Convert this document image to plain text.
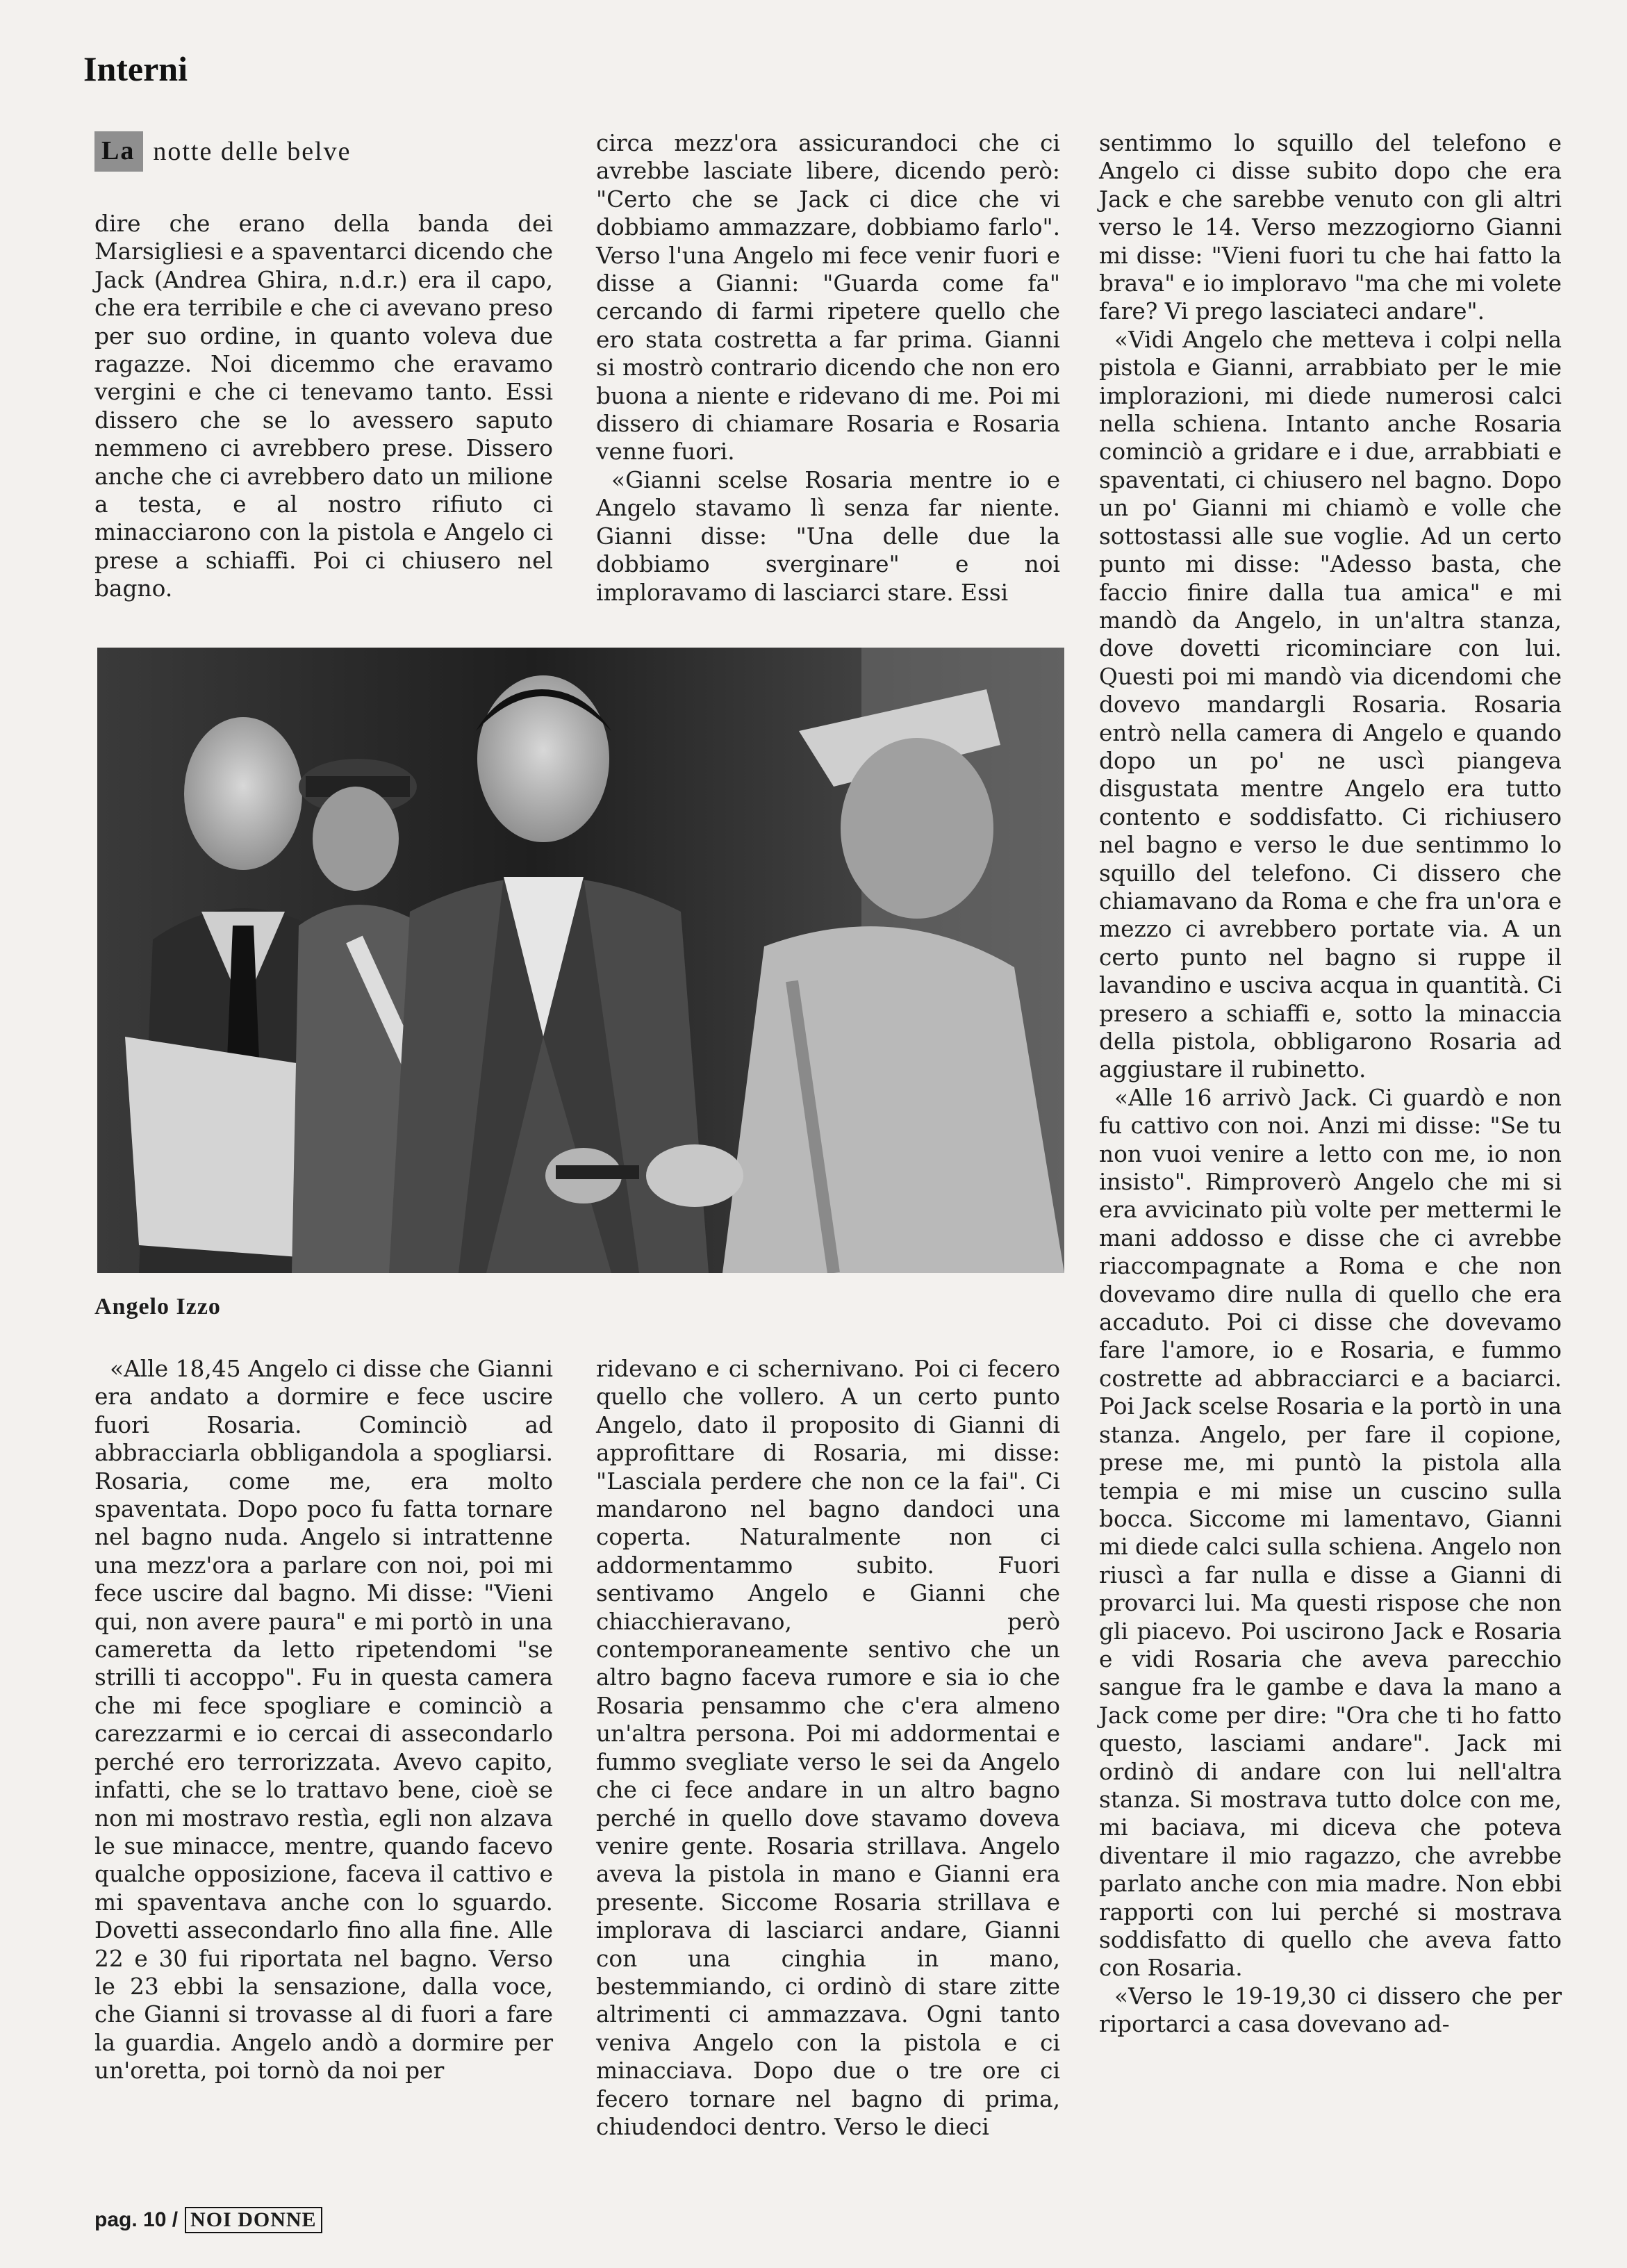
Interni
La notte delle belve

dire che erano della banda dei Marsigliesi e a spaventarci dicendo che Jack (Andrea Ghira, n.d.r.) era il capo, che era terribile e che ci avevano preso per suo ordine, in quanto voleva due ragazze. Noi dicemmo che eravamo vergini e che ci tenevamo tanto. Essi dissero che se lo avessero saputo nemmeno ci avrebbero prese. Dissero anche che ci avrebbero dato un milione a testa, e al nostro rifiuto ci minacciarono con la pistola e Angelo ci prese a schiaffi. Poi ci chiusero nel bagno.

circa mezz'ora assicurandoci che ci avrebbe lasciate libere, dicendo però: "Certo che se Jack ci dice che vi dobbiamo ammazzare, dobbiamo farlo". Verso l'una Angelo mi fece venir fuori e disse a Gianni: "Guarda come fa" cercando di farmi ripetere quello che ero stata costretta a far prima. Gianni si mostrò contrario dicendo che non ero buona a niente e ridevano di me. Poi mi dissero di chiamare Rosaria e Rosaria venne fuori.

«Gianni scelse Rosaria mentre io e Angelo stavamo lì senza far niente. Gianni disse: "Una delle due la dobbiamo sverginare" e noi imploravamo di lasciarci stare. Essi

sentimmo lo squillo del telefono e Angelo ci disse subito dopo che era Jack e che sarebbe venuto con gli altri verso le 14. Verso mezzogiorno Gianni mi disse: "Vieni fuori tu che hai fatto la brava" e io imploravo "ma che mi volete fare? Vi prego lasciateci andare".

«Vidi Angelo che metteva i colpi nella pistola e Gianni, arrabbiato per le mie implorazioni, mi diede numerosi calci nella schiena. Intanto anche Rosaria cominciò a gridare e i due, arrabbiati e spaventati, ci chiusero nel bagno. Dopo un po' Gianni mi chiamò e volle che sottostassi alle sue voglie. Ad un certo punto mi disse: "Adesso basta, che faccio finire dalla tua amica" e mi mandò da Angelo, in un'altra stanza, dove dovetti ricominciare con lui. Questi poi mi mandò via dicendomi che dovevo mandargli Rosaria. Rosaria entrò nella camera di Angelo e quando dopo un po' ne uscì piangeva disgustata mentre Angelo era tutto contento e soddisfatto. Ci richiusero nel bagno e verso le due sentimmo lo squillo del telefono. Ci dissero che chiamavano da Roma e che fra un'ora e mezzo ci avrebbero portate via. A un certo punto nel bagno si ruppe il lavandino e usciva acqua in quantità. Ci presero a schiaffi e, sotto la minaccia della pistola, obbligarono Rosaria ad aggiustare il rubinetto.

«Alle 16 arrivò Jack. Ci guardò e non fu cattivo con noi. Anzi mi disse: "Se tu non vuoi venire a letto con me, io non insisto". Rimproverò Angelo che mi si era avvicinato più volte per mettermi le mani addosso e disse che ci avrebbe riaccompagnate a Roma e che non dovevamo dire nulla di quello che era accaduto. Poi ci disse che dovevamo fare l'amore, io e Rosaria, e fummo costrette ad abbracciarci e a baciarci. Poi Jack scelse Rosaria e la portò in una stanza. Angelo, per fare il copione, prese me, mi puntò la pistola alla tempia e mi mise un cuscino sulla bocca. Siccome mi lamentavo, Gianni mi diede calci sulla schiena. Angelo non riuscì a far nulla e disse a Gianni di provarci lui. Ma questi rispose che non gli piacevo. Poi uscirono Jack e Rosaria e vidi Rosaria che aveva parecchio sangue fra le gambe e dava la mano a Jack come per dire: "Ora che ti ho fatto questo, lasciami andare". Jack mi ordinò di andare con lui nell'altra stanza. Si mostrava tutto dolce con me, mi baciava, mi diceva che poteva diventare il mio ragazzo, che avrebbe parlato anche con mia madre. Non ebbi rapporti con lui perché si mostrava soddisfatto di quello che aveva fatto con Rosaria.

«Verso le 19-19,30 ci dissero che per riportarci a casa dovevano ad-

Angelo Izzo

«Alle 18,45 Angelo ci disse che Gianni era andato a dormire e fece uscire fuori Rosaria. Cominciò ad abbracciarla obbligandola a spogliarsi. Rosaria, come me, era molto spaventata. Dopo poco fu fatta tornare nel bagno nuda. Angelo si intrattenne una mezz'ora a parlare con noi, poi mi fece uscire dal bagno. Mi disse: "Vieni qui, non avere paura" e mi portò in una cameretta da letto ripetendomi "se strilli ti accoppo". Fu in questa camera che mi fece spogliare e cominciò a carezzarmi e io cercai di assecondarlo perché ero terrorizzata. Avevo capito, infatti, che se lo trattavo bene, cioè se non mi mostravo restìa, egli non alzava le sue minacce, mentre, quando facevo qualche opposizione, faceva il cattivo e mi spaventava anche con lo sguardo. Dovetti assecondarlo fino alla fine. Alle 22 e 30 fui riportata nel bagno. Verso le 23 ebbi la sensazione, dalla voce, che Gianni si trovasse al di fuori a fare la guardia. Angelo andò a dormire per un'oretta, poi tornò da noi per

ridevano e ci schernivano. Poi ci fecero quello che vollero. A un certo punto Angelo, dato il proposito di Gianni di approfittare di Rosaria, mi disse: "Lasciala perdere che non ce la fai". Ci mandarono nel bagno dandoci una coperta. Naturalmente non ci addormentammo subito. Fuori sentivamo Angelo e Gianni che chiacchieravano, però contemporaneamente sentivo che un altro bagno faceva rumore e sia io che Rosaria pensammo che c'era almeno un'altra persona. Poi mi addormentai e fummo svegliate verso le sei da Angelo che ci fece andare in un altro bagno perché in quello dove stavamo doveva venire gente. Rosaria strillava. Angelo aveva la pistola in mano e Gianni era presente. Siccome Rosaria strillava e implorava di lasciarci andare, Gianni con una cinghia in mano, bestemmiando, ci ordinò di stare zitte altrimenti ci ammazzava. Ogni tanto veniva Angelo con la pistola e ci minacciava. Dopo due o tre ore ci fecero tornare nel bagno di prima, chiudendoci dentro. Verso le dieci

pag. 10 / NOI DONNE
